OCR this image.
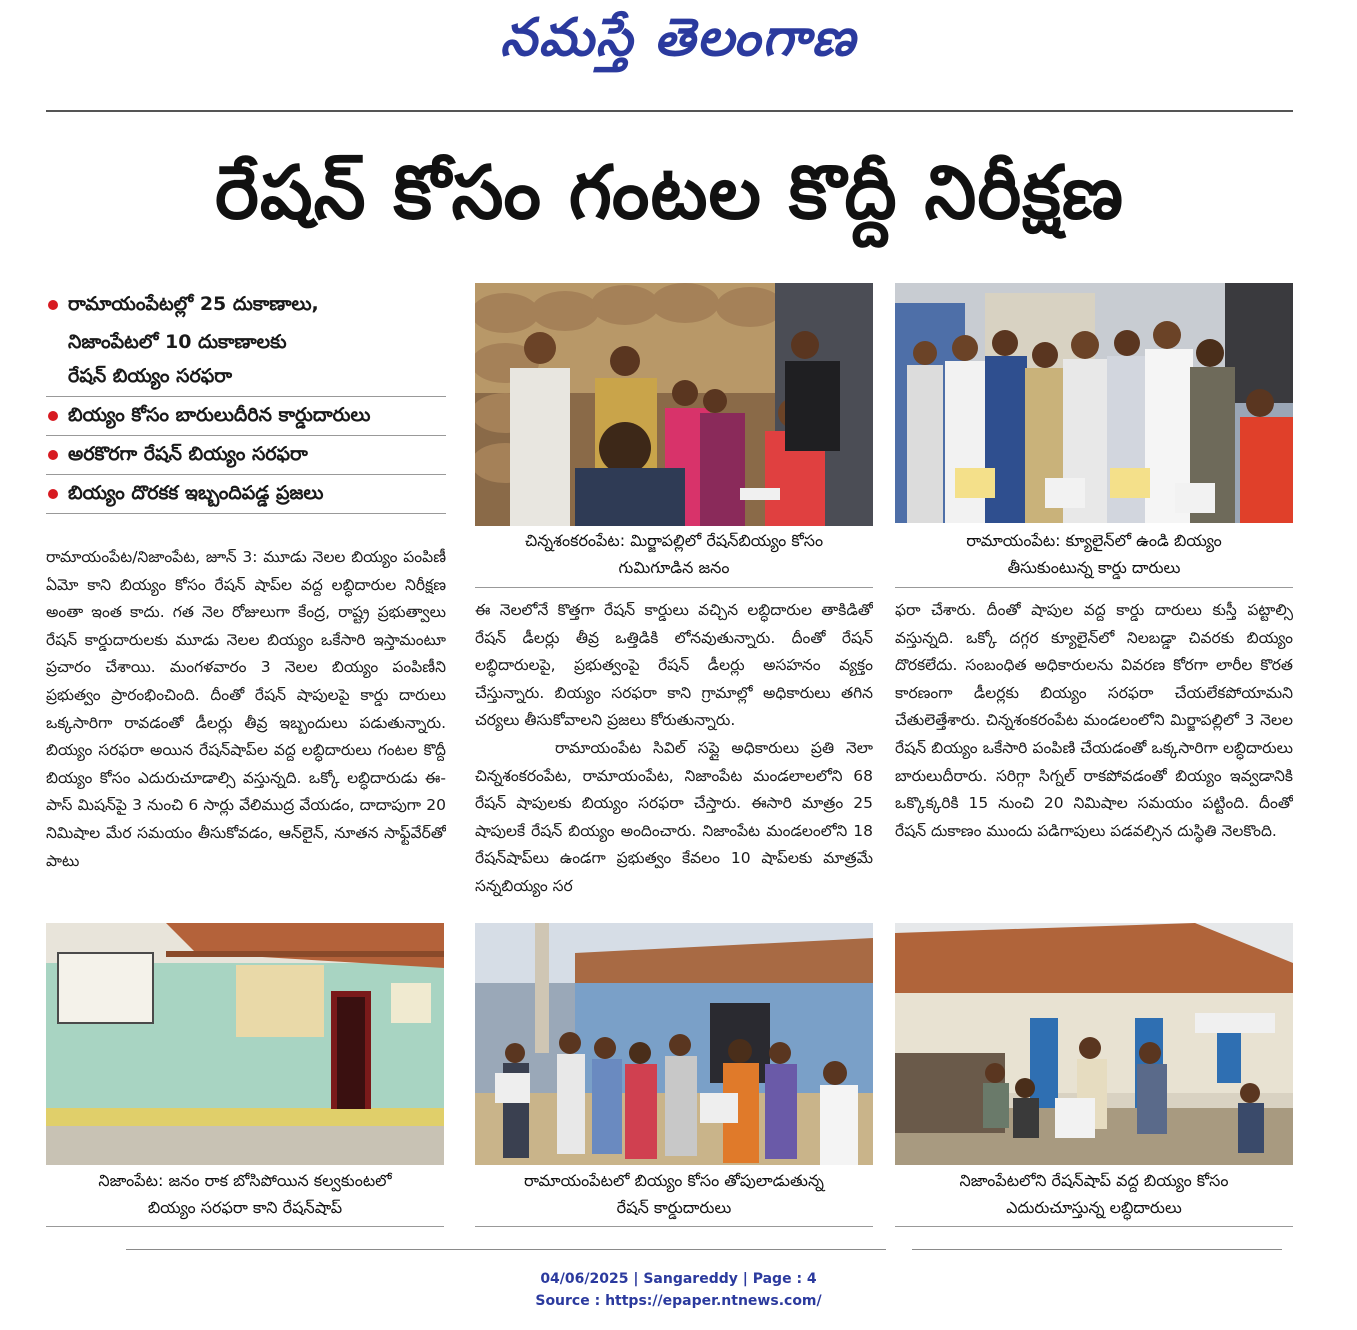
నమస్తే తెలంగాణ
రేషన్ కోసం గంటల కొద్దీ నిరీక్షణ
రామాయంపేటల్లో 25 దుకాణాలు,
నిజాంపేటలో 10 దుకాణాలకు
రేషన్ బియ్యం సరఫరా
బియ్యం కోసం బారులుదీరిన కార్డుదారులు
అరకొరగా రేషన్ బియ్యం సరఫరా
బియ్యం దొరకక ఇబ్బందిపడ్డ ప్రజలు
రామాయంపేట/నిజాంపేట, జూన్ 3: మూడు నెలల బియ్యం పంపిణీ ఏమో కాని బియ్యం కోసం రేషన్ షాప్‌ల వద్ద లబ్ధిదారుల నిరీక్షణ అంతా ఇంత కాదు. గత నెల రోజులుగా కేంద్ర, రాష్ట్ర ప్రభుత్వాలు రేషన్ కార్డుదారులకు మూడు నెలల బియ్యం ఒకేసారి ఇస్తామంటూ ప్రచారం చేశాయి. మంగళవారం 3 నెలల బియ్యం పంపిణీని ప్రభుత్వం ప్రారంభించింది. దీంతో రేషన్ షాపులపై కార్డు దారులు ఒక్కసారిగా రావడంతో డీలర్లు తీవ్ర ఇబ్బందులు పడుతున్నారు. బియ్యం సరఫరా అయిన రేషన్‌షాప్‌ల వద్ద లబ్ధిదారులు గంటల కొద్దీ బియ్యం కోసం ఎదురుచూడాల్సి వస్తున్నది. ఒక్కో లబ్ధిదారుడు ఈ-పాస్ మిషన్‌పై 3 నుంచి 6 సార్లు వేలిముద్ర వేయడం, దాదాపుగా 20 నిమిషాల మేర సమయం తీసుకోవడం, ఆన్‌లైన్, నూతన సాఫ్ట్‌వేర్‌తో పాటు
చిన్నశంకరంపేట: మిర్జాపల్లిలో రేషన్‌బియ్యం కోసం
గుమిగూడిన జనం
రామాయంపేట: క్యూలైన్‌లో ఉండి బియ్యం
తీసుకుంటున్న కార్డు దారులు
ఈ నెలలోనే కొత్తగా రేషన్ కార్డులు వచ్చిన లబ్ధిదారుల తాకిడితో రేషన్ డీలర్లు తీవ్ర ఒత్తిడికి లోనవుతున్నారు. దీంతో రేషన్ లబ్ధిదారులపై, ప్రభుత్వంపై రేషన్ డీలర్లు అసహనం వ్యక్తం చేస్తున్నారు. బియ్యం సరఫరా కాని గ్రామాల్లో అధికారులు తగిన చర్యలు తీసుకోవాలని ప్రజలు కోరుతున్నారు.
రామాయంపేట సివిల్ సప్లై అధికారులు ప్రతి నెలా చిన్నశంకరంపేట, రామాయంపేట, నిజాంపేట మండలాలలోని 68 రేషన్ షాపులకు బియ్యం సరఫరా చేస్తారు. ఈసారి మాత్రం 25 షాపులకే రేషన్ బియ్యం అందించారు. నిజాంపేట మండలంలోని 18 రేషన్‌షాప్‌లు ఉండగా ప్రభుత్వం కేవలం 10 షాప్‌లకు మాత్రమే సన్నబియ్యం సర
ఫరా చేశారు. దీంతో షాపుల వద్ద కార్డు దారులు కుస్తీ పట్టాల్సి వస్తున్నది. ఒక్కో దగ్గర క్యూలైన్‌లో నిలబడ్డా చివరకు బియ్యం దొరకలేదు. సంబంధిత అధికారులను వివరణ కోరగా లారీల కొరత కారణంగా డీలర్లకు బియ్యం సరఫరా చేయలేకపోయామని చేతులెత్తేశారు. చిన్నశంకరంపేట మండలంలోని మిర్జాపల్లిలో 3 నెలల రేషన్ బియ్యం ఒకేసారి పంపిణి చేయడంతో ఒక్కసారిగా లబ్ధిదారులు బారులుదీరారు. సరిగ్గా సిగ్నల్ రాకపోవడంతో బియ్యం ఇవ్వడానికి ఒక్కొక్కరికి 15 నుంచి 20 నిమిషాల సమయం పట్టింది. దీంతో రేషన్ దుకాణం ముందు పడిగాపులు పడవల్సిన దుస్థితి నెలకొంది.
నిజాంపేట: జనం రాక బోసిపోయిన కల్వకుంటలో
బియ్యం సరఫరా కాని రేషన్‌షాప్
రామాయంపేటలో బియ్యం కోసం తోపులాడుతున్న
రేషన్ కార్డుదారులు
నిజాంపేటలోని రేషన్‌షాప్ వద్ద బియ్యం కోసం
ఎదురుచూస్తున్న లబ్ధిదారులు
04/06/2025 | Sangareddy | Page : 4
Source : https://epaper.ntnews.com/
